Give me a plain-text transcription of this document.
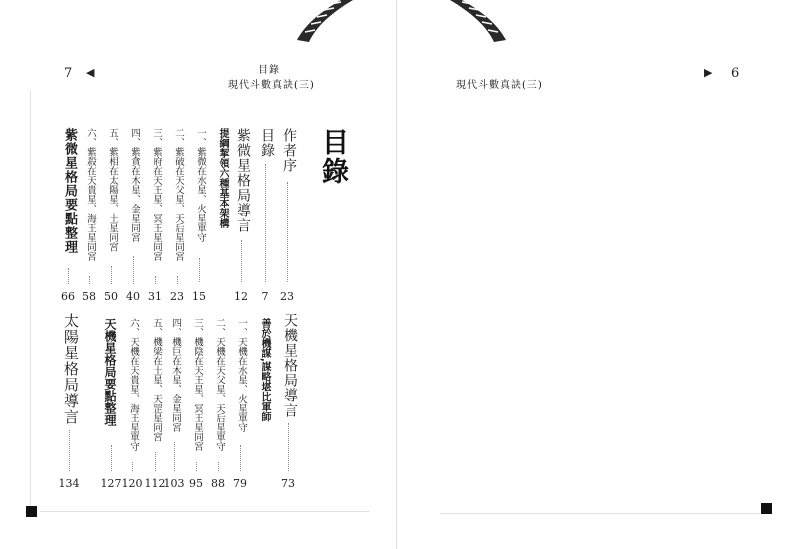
7 ◀	目錄
現代斗數真訣(三)	現代斗數真訣(三)
▶ 6
目錄
作者序
23
目錄
7
紫微星格局導言
12
提綱挈領六種基本架構
一、紫微在水星、火星單守
15
二、紫破在天父星、天后星同宮
23
三、紫府在天王星、冥王星同宮
31
四、紫貪在木星、金星同宮
40
五、紫相在太陽星、土星同宮
50
六、紫殺在天貴星、海王星同宮
58
紫微星格局要點整理
66
天機星格局導言
73
善於機謀,謀略堪比軍師
一、天機在水星、火星單守
79
二、天機在天父星、天后星單守
88
三、機陰在天王星、冥王星同宮
95
四、機巨在木星、金星同宮
103
五、機梁在土星、天罡星同宮
112
六、天機在天貴星、海王星單守
120
天機星格局要點整理
127
太陽星格局導言
134
